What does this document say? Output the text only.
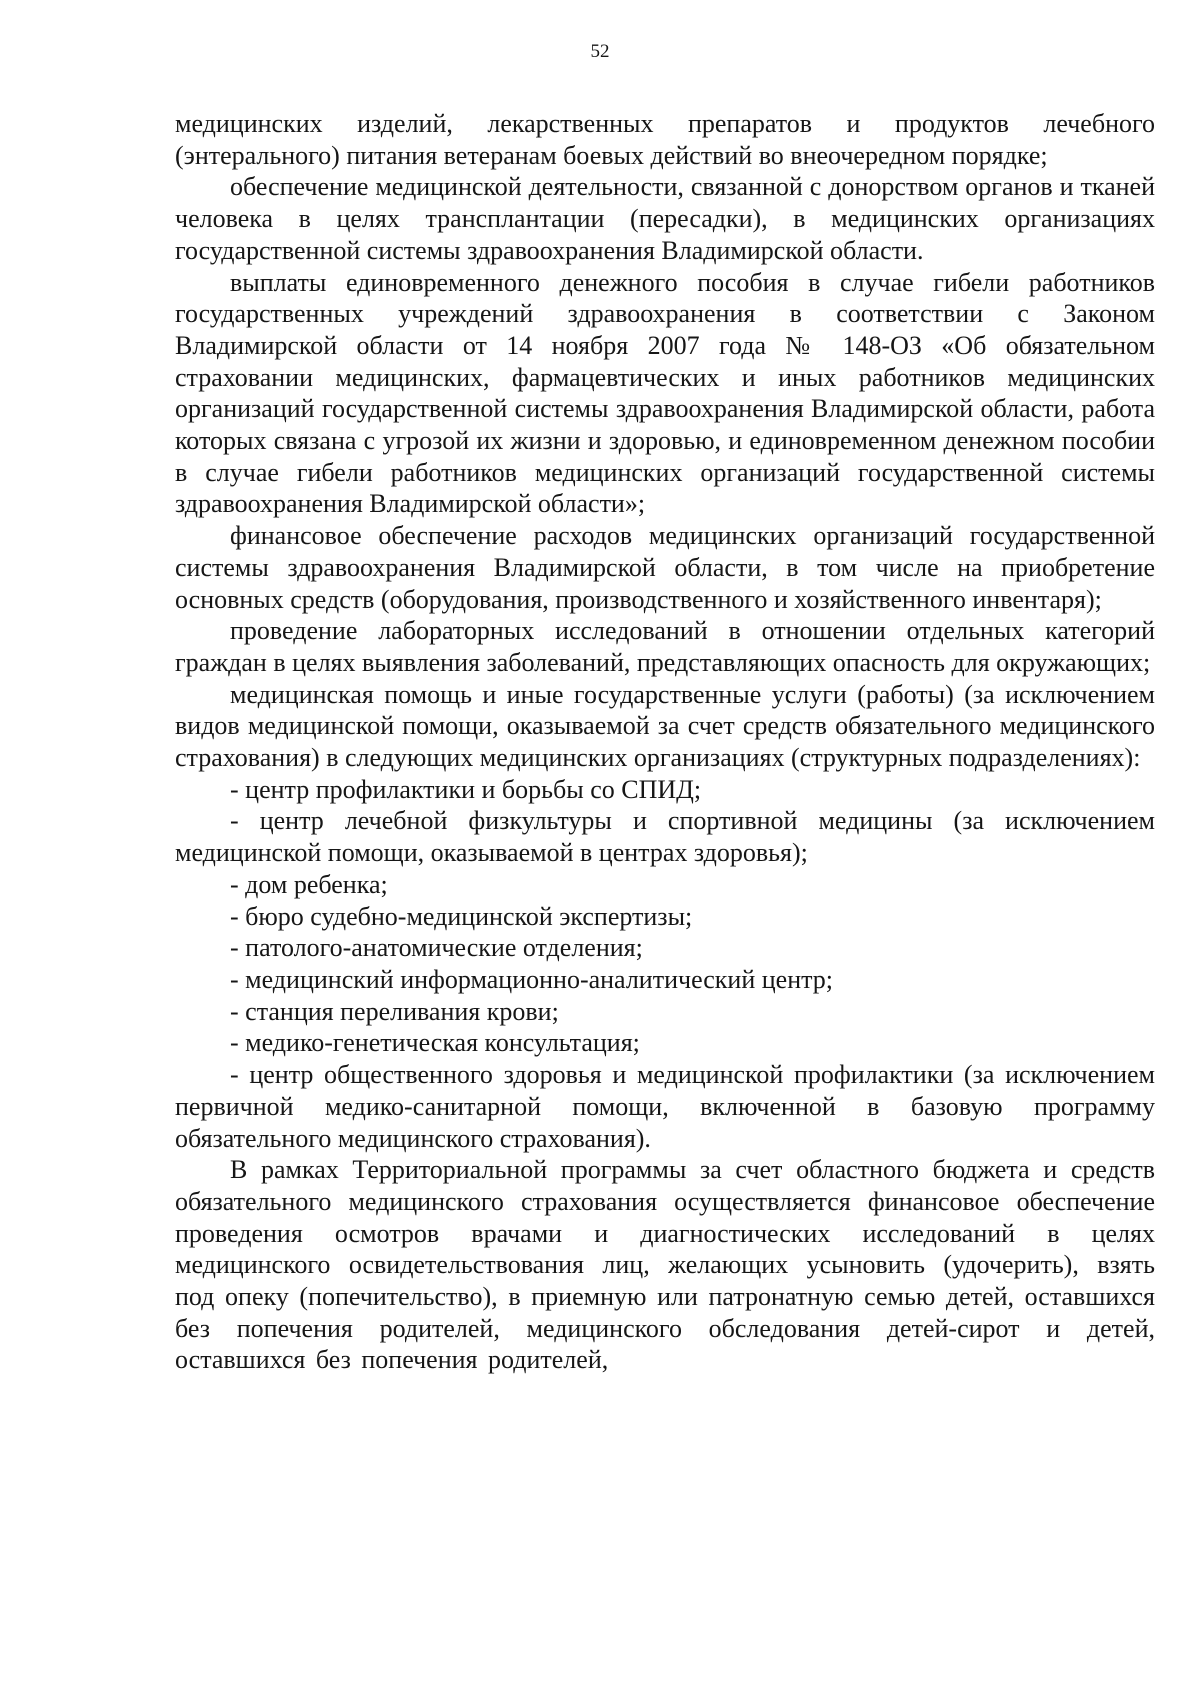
52

медицинских изделий, лекарственных препаратов и продуктов лечебного (энтерального) питания ветеранам боевых действий во внеочередном порядке;

обеспечение медицинской деятельности, связанной с донорством органов и тканей человека в целях трансплантации (пересадки), в медицинских организациях государственной системы здравоохранения Владимирской области.

выплаты единовременного денежного пособия в случае гибели работников государственных учреждений здравоохранения в соответствии с Законом Владимирской области от 14 ноября 2007 года № 148-ОЗ «Об обязательном страховании медицинских, фармацевтических и иных работников медицинских организаций государственной системы здравоохранения Владимирской области, работа которых связана с угрозой их жизни и здоровью, и единовременном денежном пособии в случае гибели работников медицинских организаций государственной системы здравоохранения Владимирской области»;

финансовое обеспечение расходов медицинских организаций государственной системы здравоохранения Владимирской области, в том числе на приобретение основных средств (оборудования, производственного и хозяйственного инвентаря);

проведение лабораторных исследований в отношении отдельных категорий граждан в целях выявления заболеваний, представляющих опасность для окружающих;

медицинская помощь и иные государственные услуги (работы) (за исключением видов медицинской помощи, оказываемой за счет средств обязательного медицинского страхования) в следующих медицинских организациях (структурных подразделениях):

- центр профилактики и борьбы со СПИД;

- центр лечебной физкультуры и спортивной медицины (за исключением медицинской помощи, оказываемой в центрах здоровья);

- дом ребенка;

- бюро судебно-медицинской экспертизы;

- патолого-анатомические отделения;

- медицинский информационно-аналитический центр;

- станция переливания крови;

- медико-генетическая консультация;

- центр общественного здоровья и медицинской профилактики (за исключением первичной медико-санитарной помощи, включенной в базовую программу обязательного медицинского страхования).

В рамках Территориальной программы за счет областного бюджета и средств обязательного медицинского страхования осуществляется финансовое обеспечение проведения осмотров врачами и диагностических исследований в целях медицинского освидетельствования лиц, желающих усыновить (удочерить), взять под опеку (попечительство), в приемную или патронатную семью детей, оставшихся без попечения родителей, медицинского обследования детей-сирот и детей, оставшихся без попечения родителей,
